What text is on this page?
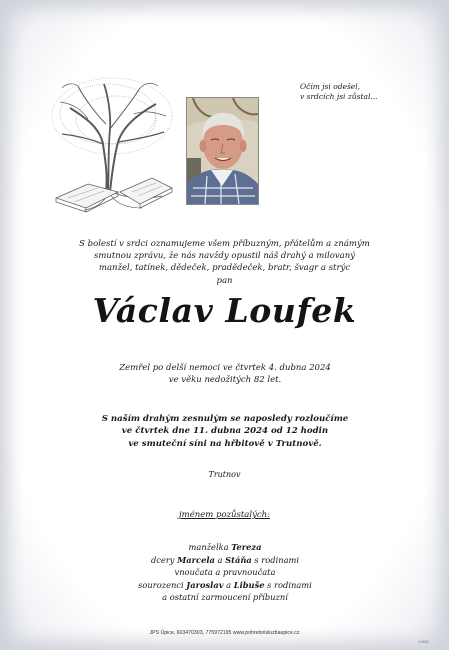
Očím jsi odešel,
v srdcích jsi zůstal...
S bolestí v srdci oznamujeme všem příbuzným, přátelům a známým
smutnou zprávu, že nás navždy opustil náš drahý a milovaný
manžel, tatínek, dědeček, pradědeček, bratr, švagr a strýc
pan
Václav Loufek
Zemřel po delší nemoci ve čtvrtek 4. dubna 2024
ve věku nedožitých 82 let.
S naším drahým zesnulým se naposledy rozloučíme
ve čtvrtek dne 11. dubna 2024 od 12 hodin
ve smuteční síni na hřbitově v Trutnově.
Trutnov
jménem pozůstalých:
manželka Tereza
dcery Marcela a Stáňa s rodinami
vnoučata a pravnoučata
sourozenci Jaroslav a Libuše s rodinami
a ostatní zarmoucení příbuzní
JPS Úpice, 603470303, 775972195 www.pohrebnisluzbaupice.cz
0:0652
